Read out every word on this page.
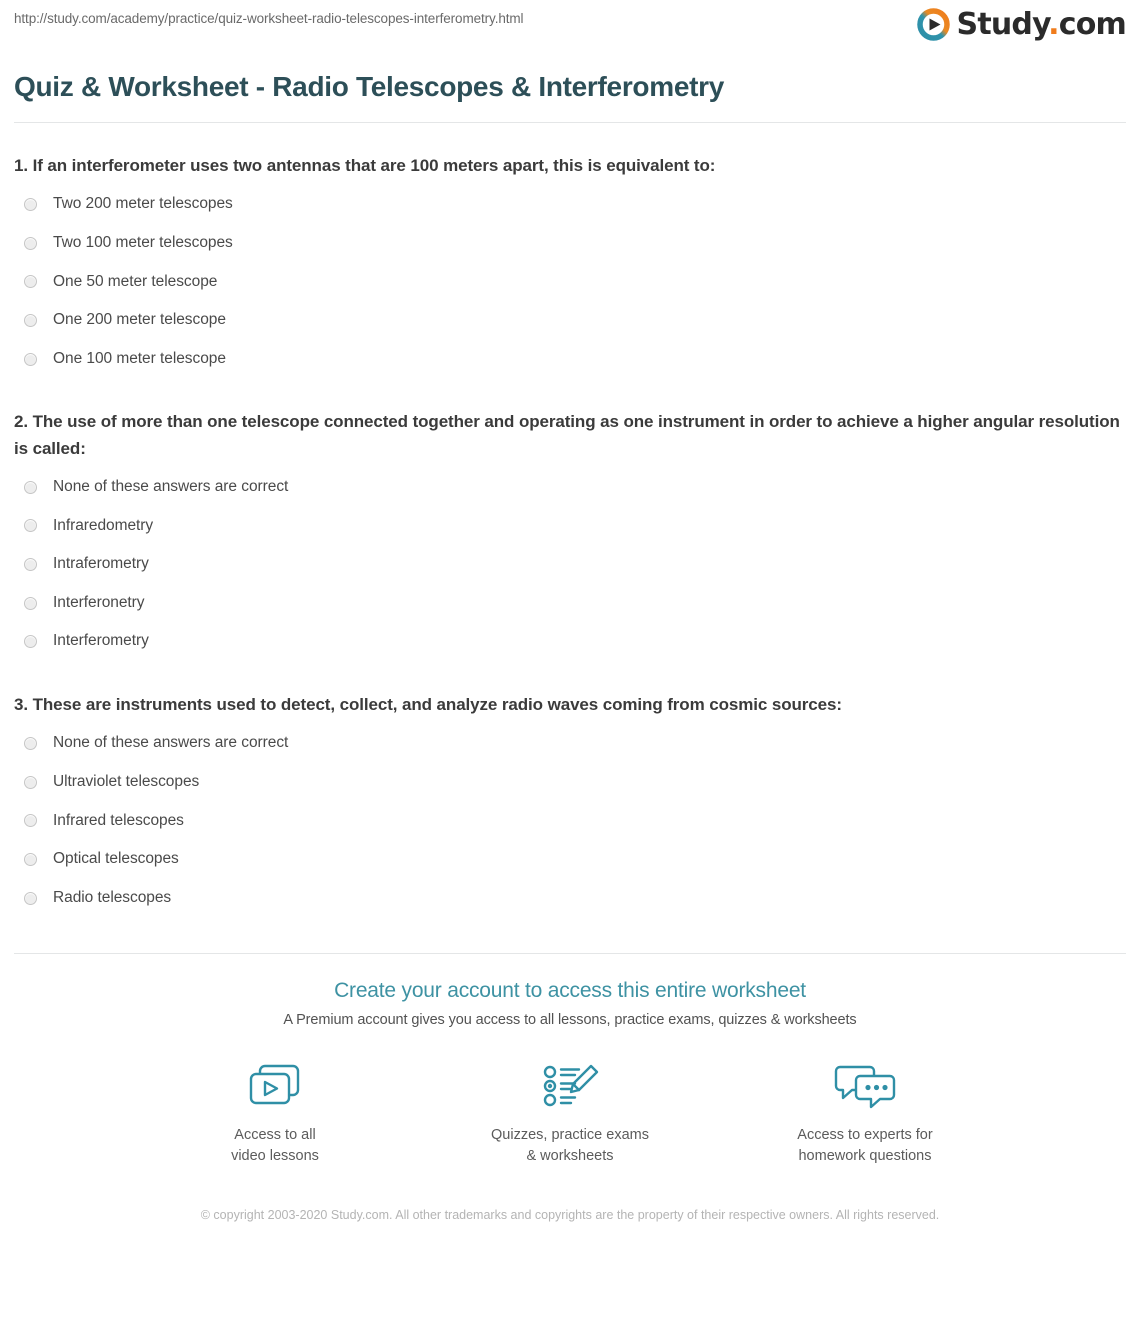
http://study.com/academy/practice/quiz-worksheet-radio-telescopes-interferometry.html	Study.com
Quiz & Worksheet - Radio Telescopes & Interferometry

1. If an interferometer uses two antennas that are 100 meters apart, this is equivalent to:

Two 200 meter telescopes
Two 100 meter telescopes
One 50 meter telescope
One 200 meter telescope
One 100 meter telescope

2. The use of more than one telescope connected together and operating as one instrument in order to achieve a higher angular resolution is called:

None of these answers are correct
Infraredometry
Intraferometry
Interferonetry
Interferometry

3. These are instruments used to detect, collect, and analyze radio waves coming from cosmic sources:

None of these answers are correct
Ultraviolet telescopes
Infrared telescopes
Optical telescopes
Radio telescopes
Create your account to access this entire worksheet

A Premium account gives you access to all lessons, practice exams, quizzes & worksheets

Access to all
video lessons
Quizzes, practice exams
& worksheets
Access to experts for
homework questions
© copyright 2003-2020 Study.com. All other trademarks and copyrights are the property of their respective owners. All rights reserved.
